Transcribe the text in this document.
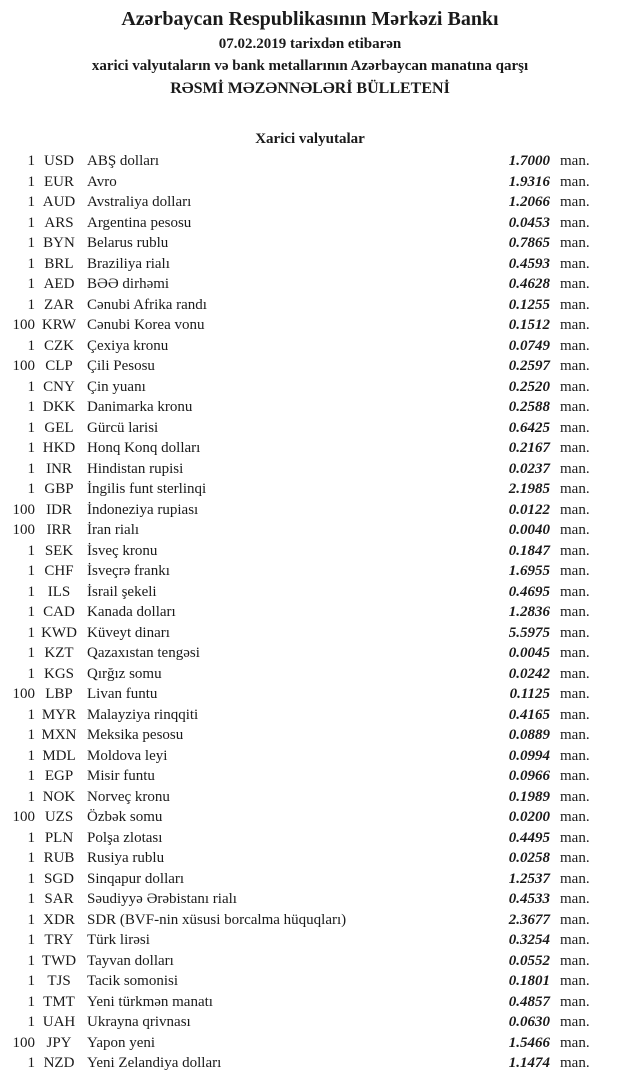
Azərbaycan Respublikasının Mərkəzi Bankı
07.02.2019 tarixdən etibarən
xarici valyutaların və bank metallarının Azərbaycan manatına qarşı
RƏSMİ MƏZƏNNƏLƏRİ BÜLLETENİ
Xarici valyutalar
1 USD ABŞ dolları	1.7000 man.
1 EUR Avro	1.9316 man.
1 AUD Avstraliya dolları	1.2066 man.
1 ARS Argentina pesosu	0.0453 man.
1 BYN Belarus rublu	0.7865 man.
1 BRL Braziliya rialı	0.4593 man.
1 AED BƏƏ dirhəmi	0.4628 man.
1 ZAR Cənubi Afrika randı	0.1255 man.
100 KRW Cənubi Korea vonu	0.1512 man.
1 CZK Çexiya kronu	0.0749 man.
100 CLP Çili Pesosu	0.2597 man.
1 CNY Çin yuanı	0.2520 man.
1 DKK Danimarka kronu	0.2588 man.
1 GEL Gürcü larisi	0.6425 man.
1 HKD Honq Konq dolları	0.2167 man.
1 INR	Hindistan rupisi	0.0237 man.
1 GBP İngilis funt sterlinqi	2.1985 man.
100 IDR	İndoneziya rupiası	0.0122 man.
100 IRR	İran rialı	0.0040 man.
1 SEK İsveç kronu	0.1847 man.
1 CHF İsveçrə frankı	1.6955 man.
1 ILS	İsrail şekeli	0.4695 man.
1 CAD Kanada dolları	1.2836 man.
1 KWD Küveyt dinarı	5.5975 man.
1 KZT Qazaxıstan tengəsi	0.0045 man.
1 KGS Qırğız somu	0.0242 man.
100 LBP Livan funtu	0.1125 man.
1 MYR Malayziya rinqqiti	0.4165 man.
1 MXN Meksika pesosu	0.0889 man.
1 MDL Moldova leyi	0.0994 man.
1 EGP Misir funtu	0.0966 man.
1 NOK Norveç kronu	0.1989 man.
100 UZS Özbək somu	0.0200 man.
1 PLN Polşa zlotası	0.4495 man.
1 RUB Rusiya rublu	0.0258 man.
1 SGD Sinqapur dolları	1.2537 man.
1 SAR Səudiyyə Ərəbistanı rialı	0.4533 man.
1 XDR SDR (BVF-nin xüsusi borcalma hüquqları)	2.3677 man.
1 TRY Türk lirəsi	0.3254 man.
1 TWD Tayvan dolları	0.0552 man.
1 TJS	Tacik somonisi	0.1801 man.
1 TMT Yeni türkmən manatı	0.4857 man.
1 UAH Ukrayna qrivnası	0.0630 man.
100 JPY	Yapon yeni	1.5466 man.
1 NZD Yeni Zelandiya dolları	1.1474 man.
